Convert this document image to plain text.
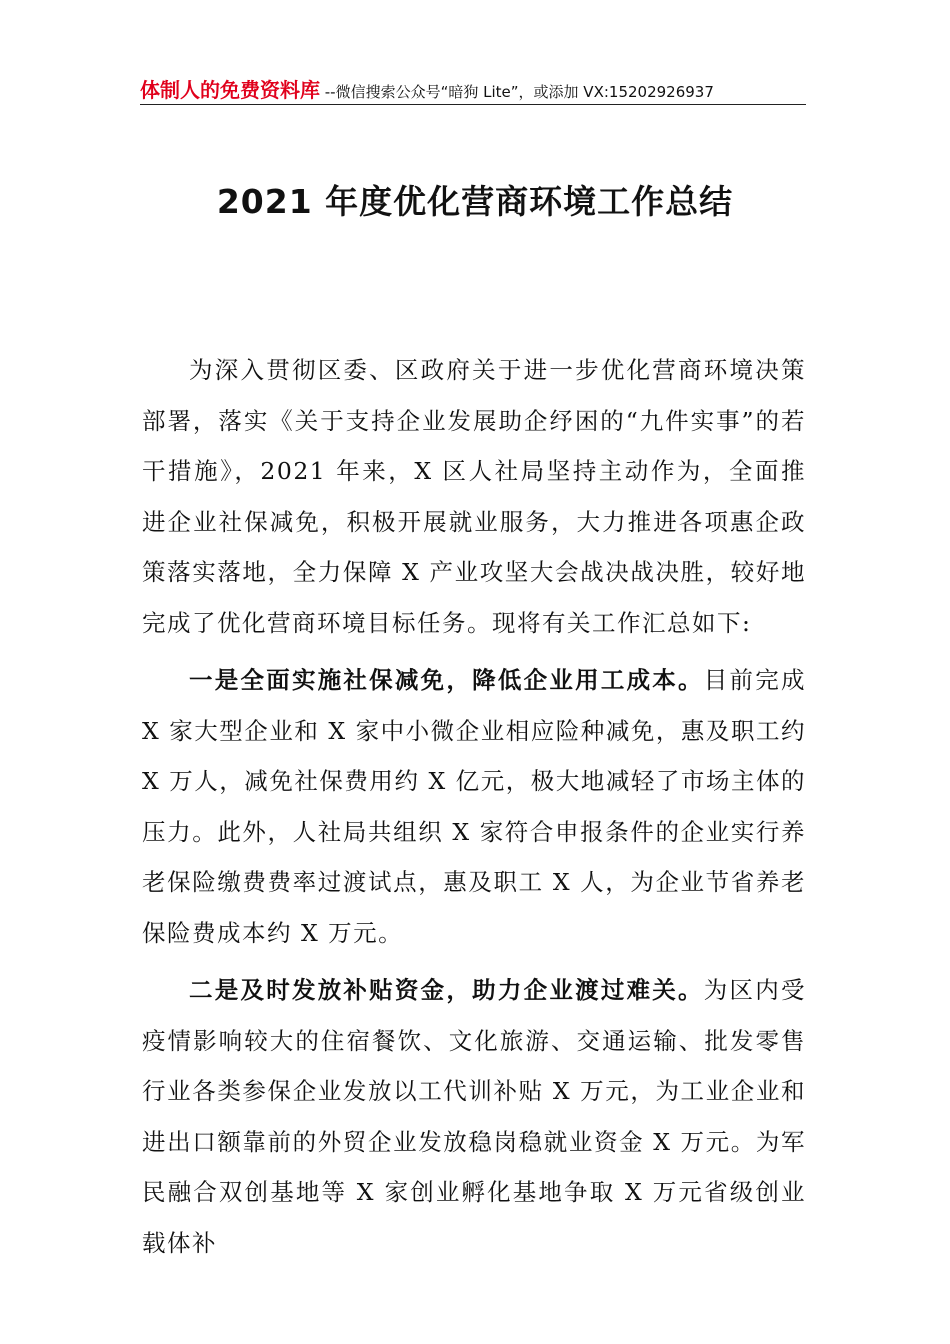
体制人的免费资料库 --微信搜索公众号“暗狗 Lite”，或添加 VX:15202926937
2021 年度优化营商环境工作总结

为深入贯彻区委、区政府关于进一步优化营商环境决策部署，落实《关于支持企业发展助企纾困的“九件实事”的若干措施》，2021 年来，X 区人社局坚持主动作为，全面推进企业社保减免，积极开展就业服务，大力推进各项惠企政策落实落地，全力保障 X 产业攻坚大会战决战决胜，较好地完成了优化营商环境目标任务。现将有关工作汇总如下:

一是全面实施社保减免，降低企业用工成本。目前完成 X 家大型企业和 X 家中小微企业相应险种减免，惠及职工约 X 万人，减免社保费用约 X 亿元，极大地减轻了市场主体的压力。此外，人社局共组织 X 家符合申报条件的企业实行养老保险缴费费率过渡试点，惠及职工 X 人，为企业节省养老保险费成本约 X 万元。

二是及时发放补贴资金，助力企业渡过难关。为区内受疫情影响较大的住宿餐饮、文化旅游、交通运输、批发零售行业各类参保企业发放以工代训补贴 X 万元，为工业企业和进出口额靠前的外贸企业发放稳岗稳就业资金 X 万元。为军民融合双创基地等 X 家创业孵化基地争取 X 万元省级创业载体补
